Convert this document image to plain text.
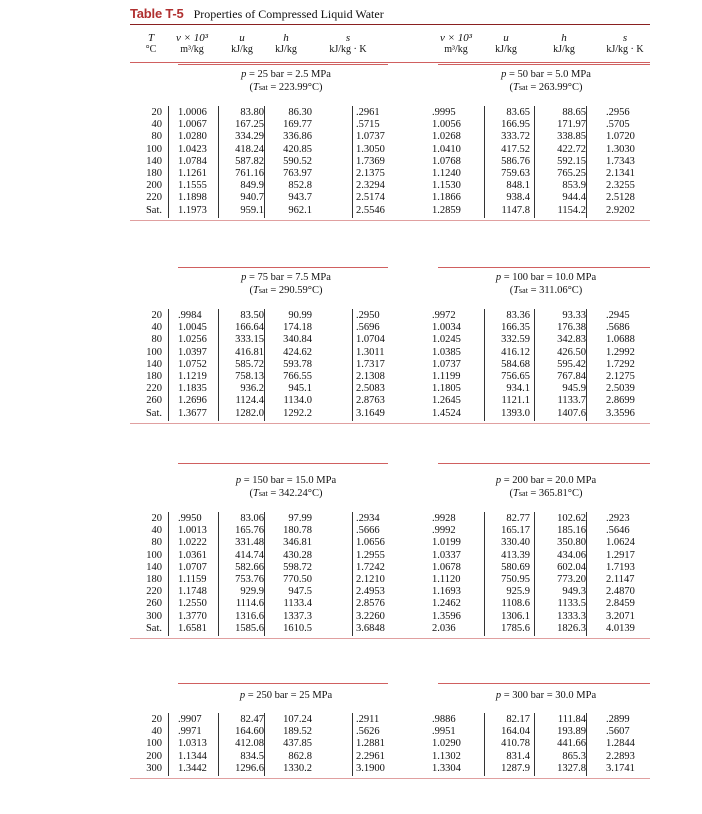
Table T-5 Properties of Compressed Liquid Water
T
°C
v × 10³
m³/kg
u
kJ/kg
h
kJ/kg
s
kJ/kg · K
v × 10³
m³/kg
u
kJ/kg
h
kJ/kg
s
kJ/kg · K
20
40
80
100
140
180
200
220
Sat.
p = 25 bar = 2.5 MPa
(Tsat = 223.99°C)
1.0006
1.0067
1.0280
1.0423
1.0784
1.1261
1.1555
1.1898
1.1973
83.80
167.25
334.29
418.24
587.82
761.16
849.9
940.7
959.1
86.30
169.77
336.86
420.85
590.52
763.97
852.8
943.7
962.1
.2961
.5715
1.0737
1.3050
1.7369
2.1375
2.3294
2.5174
2.5546
p = 50 bar = 5.0 MPa
(Tsat = 263.99°C)
.9995
1.0056
1.0268
1.0410
1.0768
1.1240
1.1530
1.1866
1.2859
83.65
166.95
333.72
417.52
586.76
759.63
848.1
938.4
1147.8
88.65
171.97
338.85
422.72
592.15
765.25
853.9
944.4
1154.2
.2956
.5705
1.0720
1.3030
1.7343
2.1341
2.3255
2.5128
2.9202
20
40
80
100
140
180
220
260
Sat.
p = 75 bar = 7.5 MPa
(Tsat = 290.59°C)
.9984
1.0045
1.0256
1.0397
1.0752
1.1219
1.1835
1.2696
1.3677
83.50
166.64
333.15
416.81
585.72
758.13
936.2
1124.4
1282.0
90.99
174.18
340.84
424.62
593.78
766.55
945.1
1134.0
1292.2
.2950
.5696
1.0704
1.3011
1.7317
2.1308
2.5083
2.8763
3.1649
p = 100 bar = 10.0 MPa
(Tsat = 311.06°C)
.9972
1.0034
1.0245
1.0385
1.0737
1.1199
1.1805
1.2645
1.4524
83.36
166.35
332.59
416.12
584.68
756.65
934.1
1121.1
1393.0
93.33
176.38
342.83
426.50
595.42
767.84
945.9
1133.7
1407.6
.2945
.5686
1.0688
1.2992
1.7292
2.1275
2.5039
2.8699
3.3596
20
40
80
100
140
180
220
260
300
Sat.
p = 150 bar = 15.0 MPa
(Tsat = 342.24°C)
.9950
1.0013
1.0222
1.0361
1.0707
1.1159
1.1748
1.2550
1.3770
1.6581
83.06
165.76
331.48
414.74
582.66
753.76
929.9
1114.6
1316.6
1585.6
97.99
180.78
346.81
430.28
598.72
770.50
947.5
1133.4
1337.3
1610.5
.2934
.5666
1.0656
1.2955
1.7242
2.1210
2.4953
2.8576
3.2260
3.6848
p = 200 bar = 20.0 MPa
(Tsat = 365.81°C)
.9928
.9992
1.0199
1.0337
1.0678
1.1120
1.1693
1.2462
1.3596
2.036
82.77
165.17
330.40
413.39
580.69
750.95
925.9
1108.6
1306.1
1785.6
102.62
185.16
350.80
434.06
602.04
773.20
949.3
1133.5
1333.3
1826.3
.2923
.5646
1.0624
1.2917
1.7193
2.1147
2.4870
2.8459
3.2071
4.0139
20
40
100
200
300
p = 250 bar = 25 MPa
.9907
.9971
1.0313
1.1344
1.3442
82.47
164.60
412.08
834.5
1296.6
107.24
189.52
437.85
862.8
1330.2
.2911
.5626
1.2881
2.2961
3.1900
p = 300 bar = 30.0 MPa
.9886
.9951
1.0290
1.1302
1.3304
82.17
164.04
410.78
831.4
1287.9
111.84
193.89
441.66
865.3
1327.8
.2899
.5607
1.2844
2.2893
3.1741
